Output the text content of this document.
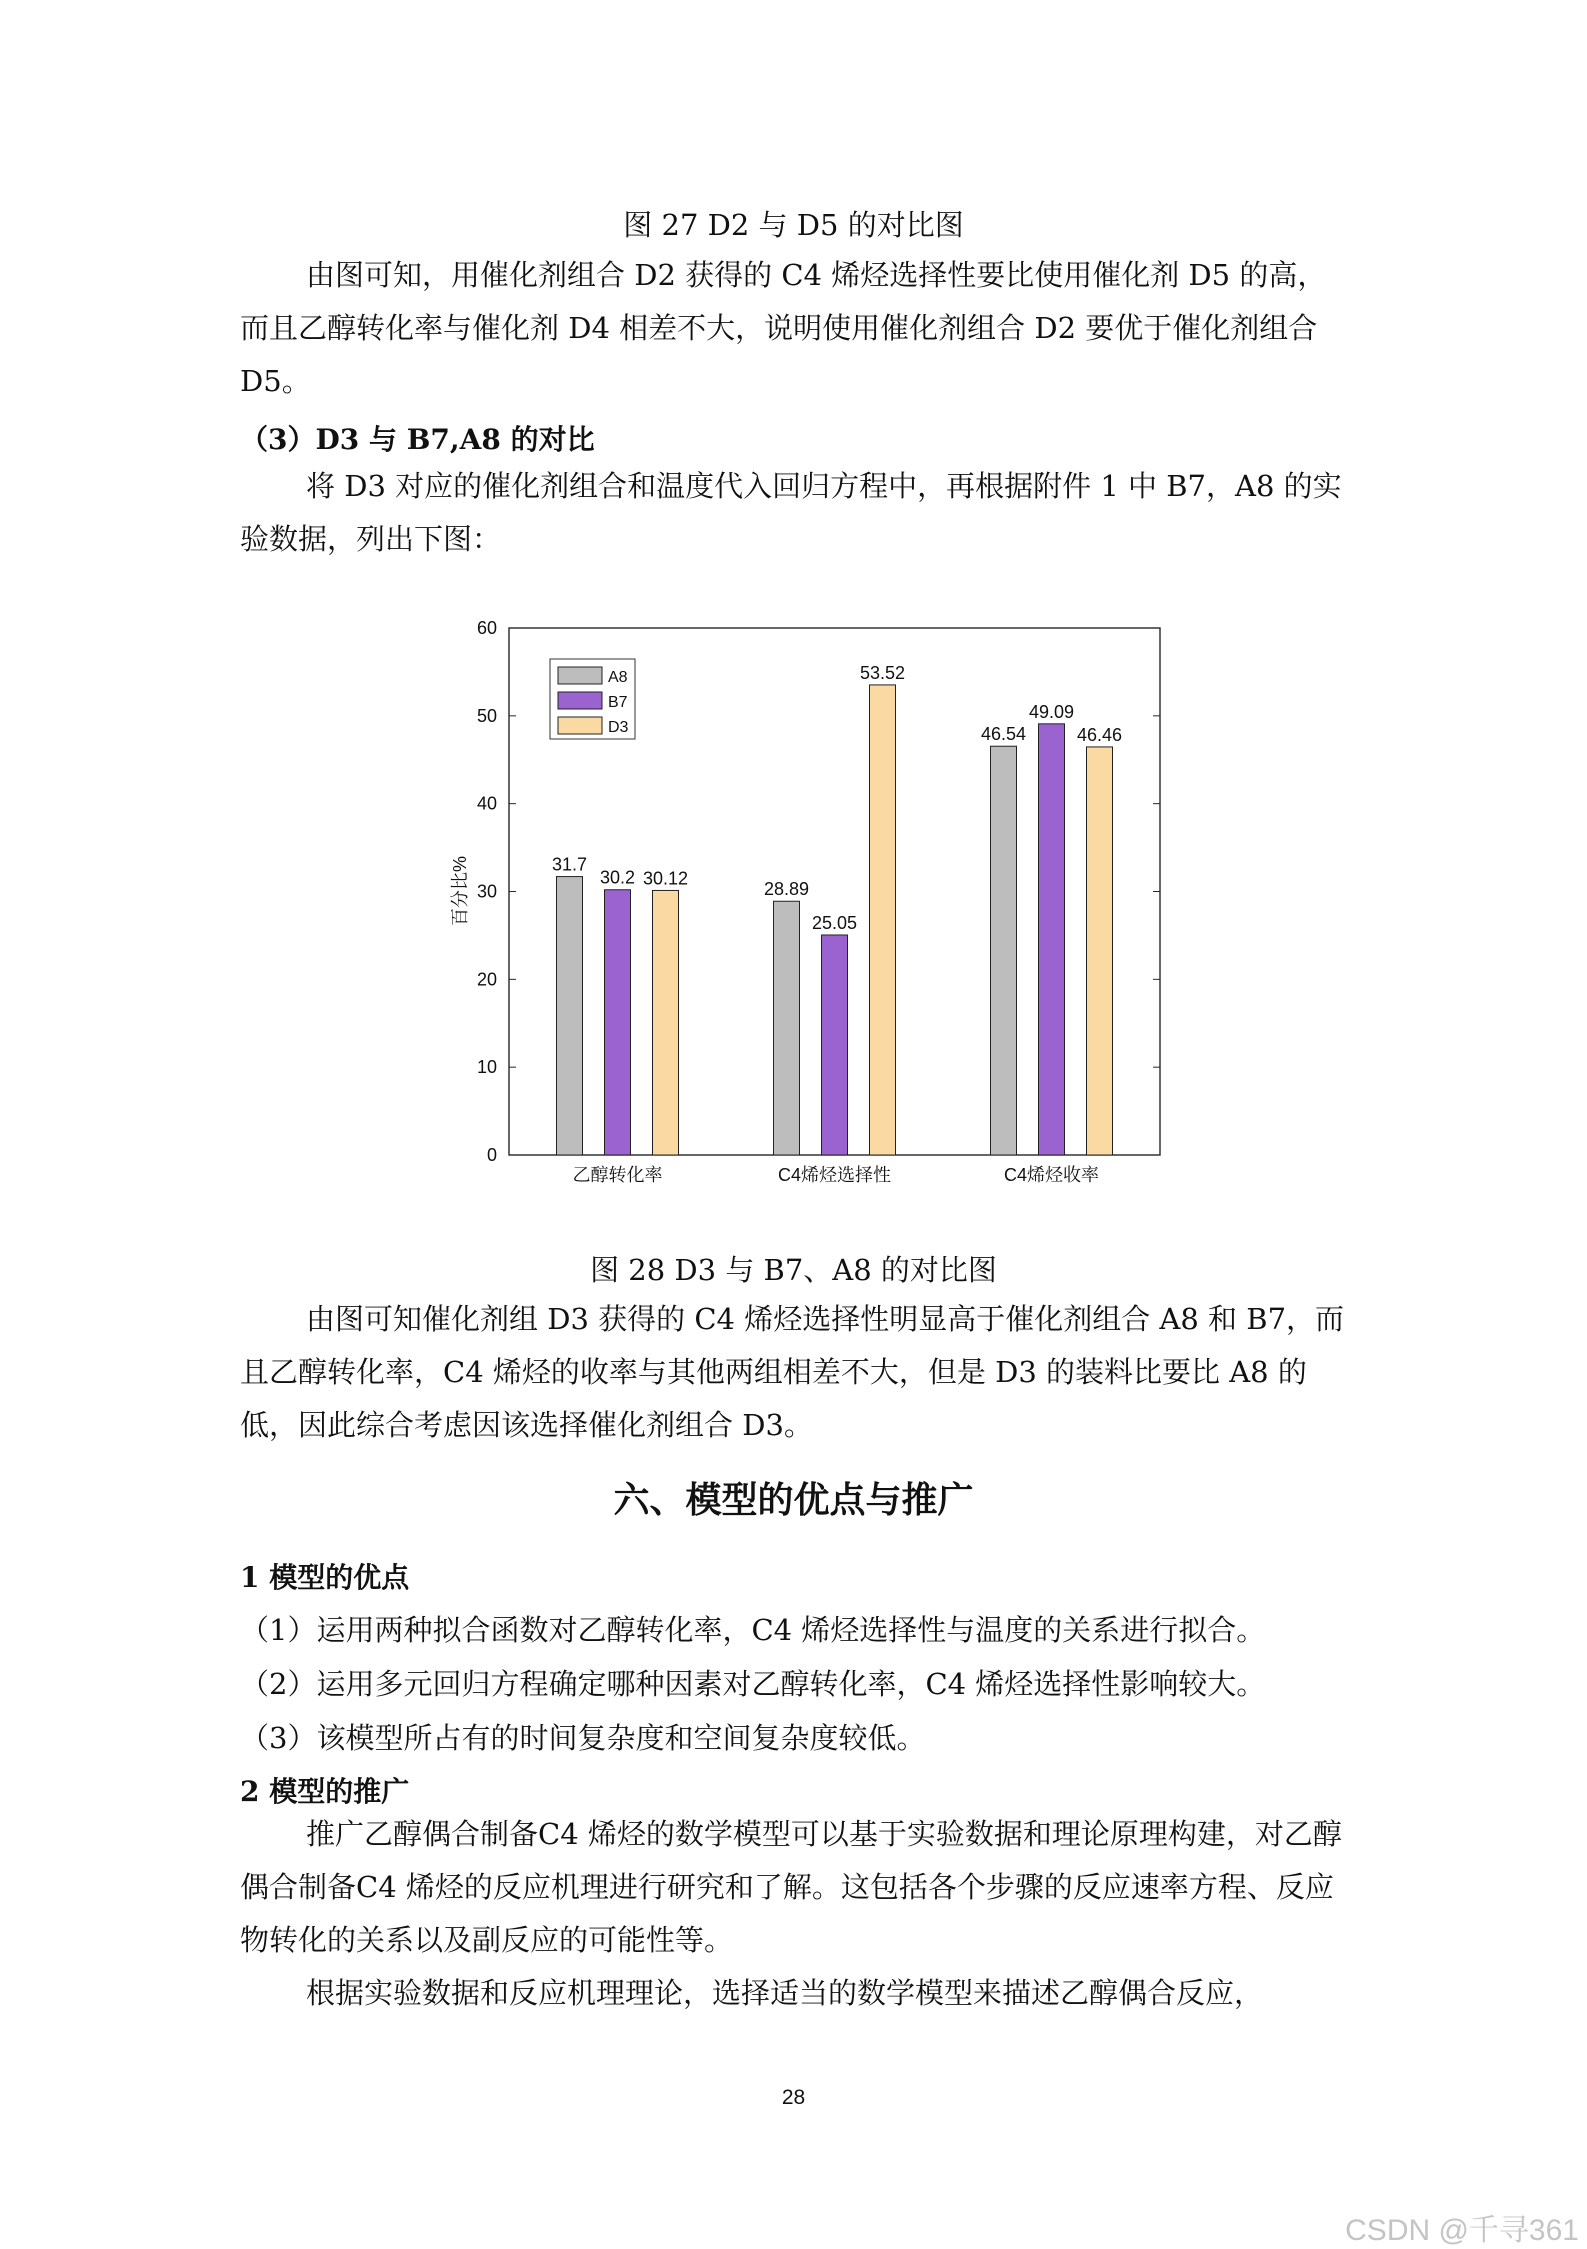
图 27 D2 与 D5 的对比图
由图可知，用催化剂组合 D2 获得的 C4 烯烃选择性要比使用催化剂 D5 的高，而且乙醇转化率与催化剂 D4 相差不大，说明使用催化剂组合 D2 要优于催化剂组合 D5。
（3）D3 与 B7,A8 的对比
将 D3 对应的催化剂组合和温度代入回归方程中，再根据附件 1 中 B7，A8 的实验数据，列出下图：
0
10
20
30
40
50
60
31.7
30.2 30.12
28.89
25.05
53.52
46.54
49.09
46.46
乙醇转化率	C4烯烃选择性	C4烯烃收率
百分比%
A8
B7
D3
图 28 D3 与 B7、A8 的对比图
由图可知催化剂组 D3 获得的 C4 烯烃选择性明显高于催化剂组合 A8 和 B7，而且乙醇转化率，C4 烯烃的收率与其他两组相差不大，但是 D3 的装料比要比 A8 的低，因此综合考虑因该选择催化剂组合 D3。
六、模型的优点与推广
1 模型的优点
（1）运用两种拟合函数对乙醇转化率，C4 烯烃选择性与温度的关系进行拟合。
（2）运用多元回归方程确定哪种因素对乙醇转化率，C4 烯烃选择性影响较大。
（3）该模型所占有的时间复杂度和空间复杂度较低。
2 模型的推广
推广乙醇偶合制备C4 烯烃的数学模型可以基于实验数据和理论原理构建，对乙醇偶合制备C4 烯烃的反应机理进行研究和了解。这包括各个步骤的反应速率方程、反应物转化的关系以及副反应的可能性等。
根据实验数据和反应机理理论，选择适当的数学模型来描述乙醇偶合反应，
28
CSDN @千寻361
